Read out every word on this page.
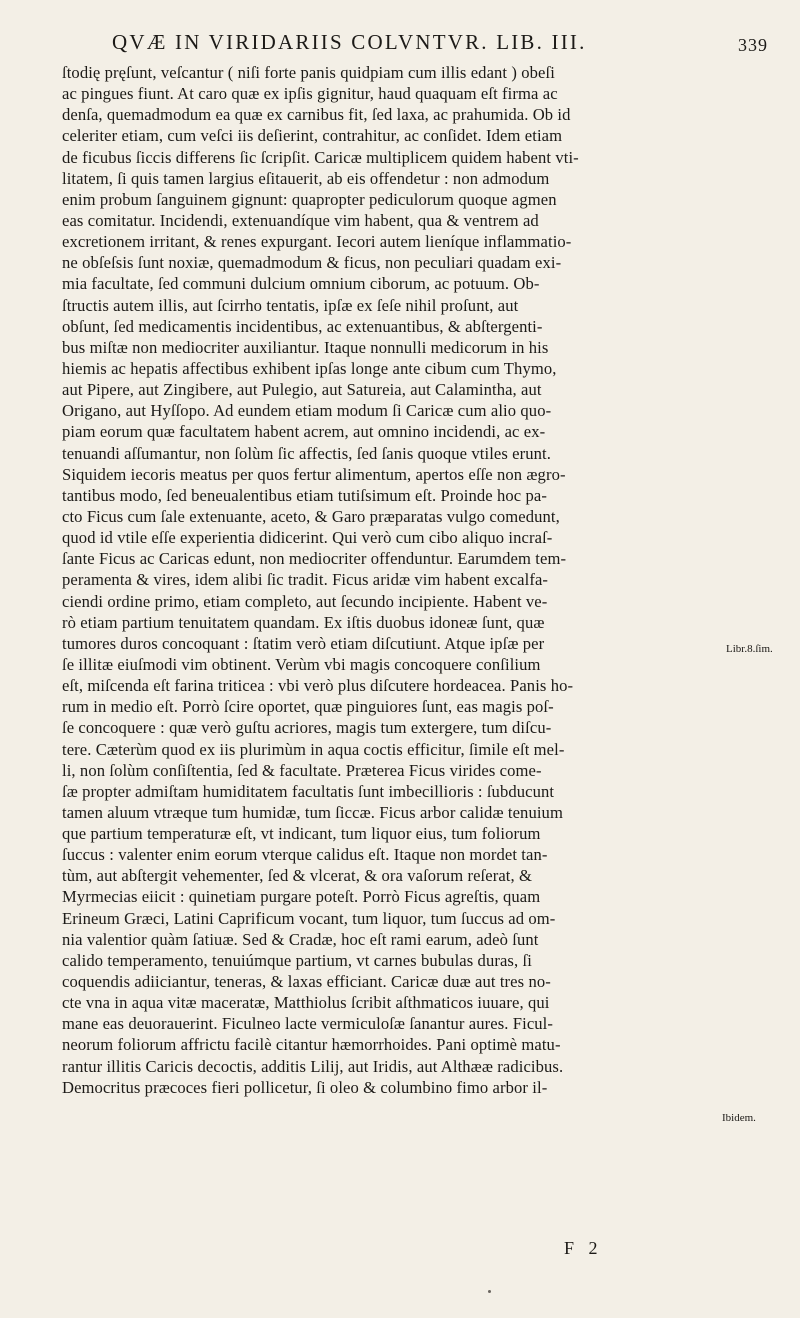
QVÆ IN VIRIDARIIS COLVNTVR. LIB. III.	339
ſtodię pręſunt, veſcantur ( niſi forte panis quidpiam cum illis edant ) obeſi
ac pingues fiunt. At caro quæ ex ipſis gignitur, haud quaquam eſt firma ac
denſa, quemadmodum ea quæ ex carnibus fit, ſed laxa, ac prahumida. Ob id
celeriter etiam, cum veſci iis deſierint, contrahitur, ac conſidet. Idem etiam
de ficubus ſiccis differens ſic ſcripſit. Caricæ multiplicem quidem habent vti-
litatem, ſi quis tamen largius eſitauerit, ab eis offendetur : non admodum
enim probum ſanguinem gignunt: quapropter pediculorum quoque agmen
eas comitatur. Incidendi, extenuandíque vim habent, qua & ventrem ad
excretionem irritant, & renes expurgant. Iecori autem lieníque inflammatio-
ne obſeſsis ſunt noxiæ, quemadmodum & ficus, non peculiari quadam exi-
mia facultate, ſed communi dulcium omnium ciborum, ac potuum. Ob-
ſtructis autem illis, aut ſcirrho tentatis, ipſæ ex ſeſe nihil proſunt, aut
obſunt, ſed medicamentis incidentibus, ac extenuantibus, & abſtergenti-
bus miſtæ non mediocriter auxiliantur. Itaque nonnulli medicorum in his
hiemis ac hepatis affectibus exhibent ipſas longe ante cibum cum Thymo,
aut Pipere, aut Zingibere, aut Pulegio, aut Satureia, aut Calamintha, aut
Origano, aut Hyſſopo. Ad eundem etiam modum ſi Caricæ cum alio quo-
piam eorum quæ facultatem habent acrem, aut omnino incidendi, ac ex-
tenuandi aſſumantur, non ſolùm ſic affectis, ſed ſanis quoque vtiles erunt.
Siquidem iecoris meatus per quos fertur alimentum, apertos eſſe non ægro-
tantibus modo, ſed beneualentibus etiam tutiſsimum eſt. Proinde hoc pa-
cto Ficus cum ſale extenuante, aceto, & Garo præparatas vulgo comedunt,
quod id vtile eſſe experientia didicerint. Qui verò cum cibo aliquo incraſ-
ſante Ficus ac Caricas edunt, non mediocriter offenduntur. Earumdem tem-
peramenta & vires, idem alibi ſic tradit. Ficus aridæ vim habent excalfa-
ciendi ordine primo, etiam completo, aut ſecundo incipiente. Habent ve-
rò etiam partium tenuitatem quandam. Ex iſtis duobus idoneæ ſunt, quæ
tumores duros concoquant : ſtatim verò etiam diſcutiunt. Atque ipſæ per
ſe illitæ eiuſmodi vim obtinent. Verùm vbi magis concoquere conſilium
eſt, miſcenda eſt farina triticea : vbi verò plus diſcutere hordeacea. Panis ho-
rum in medio eſt. Porrò ſcire oportet, quæ pinguiores ſunt, eas magis poſ-
ſe concoquere : quæ verò guſtu acriores, magis tum extergere, tum diſcu-
tere. Cæterùm quod ex iis plurimùm in aqua coctis efficitur, ſimile eſt mel-
li, non ſolùm conſiſtentia, ſed & facultate. Præterea Ficus virides come-
ſæ propter admiſtam humiditatem facultatis ſunt imbecillioris : ſubducunt
tamen aluum vtræque tum humidæ, tum ſiccæ. Ficus arbor calidæ tenuium
que partium temperaturæ eſt, vt indicant, tum liquor eius, tum foliorum
ſuccus : valenter enim eorum vterque calidus eſt. Itaque non mordet tan-
tùm, aut abſtergit vehementer, ſed & vlcerat, & ora vaſorum reſerat, &
Myrmecias eiicit : quinetiam purgare poteſt. Porrò Ficus agreſtis, quam
Erineum Græci, Latini Caprificum vocant, tum liquor, tum ſuccus ad om-
nia valentior quàm ſatiuæ. Sed & Cradæ, hoc eſt rami earum, adeò ſunt
calido temperamento, tenuiúmque partium, vt carnes bubulas duras, ſi
coquendis adiiciantur, teneras, & laxas efficiant. Caricæ duæ aut tres no-
cte vna in aqua vitæ maceratæ, Matthiolus ſcribit aſthmaticos iuuare, qui
mane eas deuorauerint. Ficulneo lacte vermiculoſæ ſanantur aures. Ficul-
neorum foliorum affrictu facilè citantur hæmorrhoides. Pani optimè matu-
rantur illitis Caricis decoctis, additis Lilij, aut Iridis, aut Althææ radicibus.
Democritus præcoces fieri pollicetur, ſi oleo & columbino fimo arbor il-
Libr.8.ſim.
Ibidem.
F 2
